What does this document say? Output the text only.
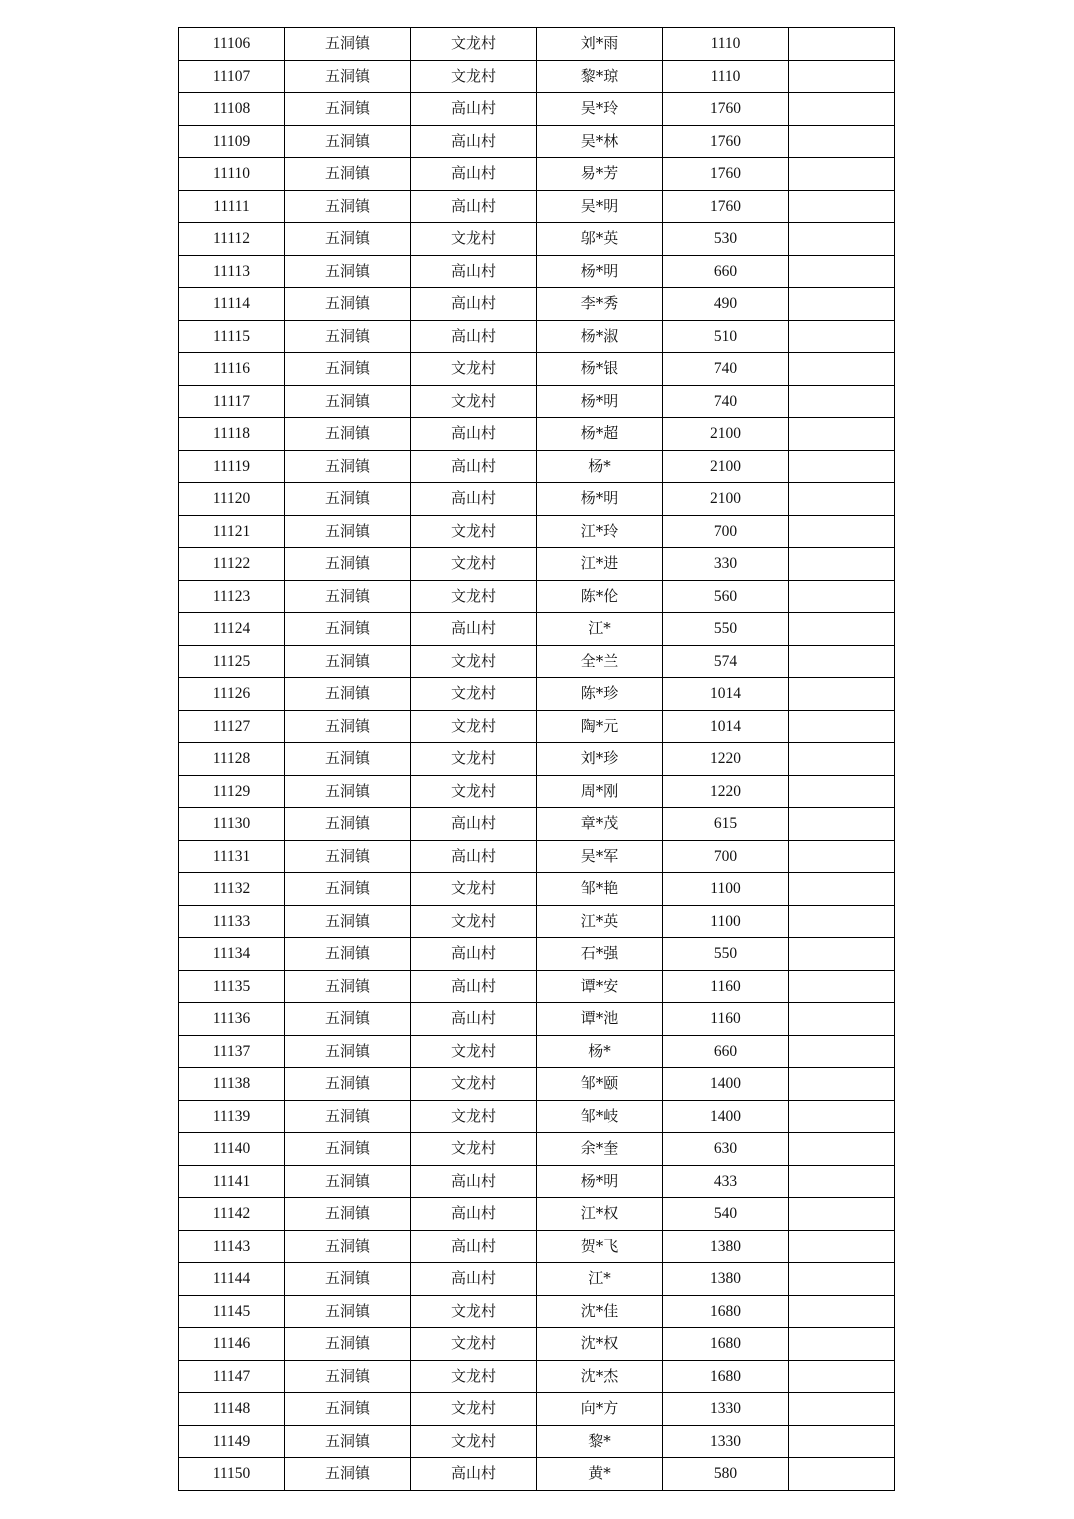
11106	五洞镇	文龙村	刘*雨	1110	
11107	五洞镇	文龙村	黎*琼	1110	
11108	五洞镇	高山村	吴*玲	1760	
11109	五洞镇	高山村	吴*林	1760	
11110	五洞镇	高山村	易*芳	1760	
11111	五洞镇	高山村	吴*明	1760	
11112	五洞镇	文龙村	邬*英	530	
11113	五洞镇	高山村	杨*明	660	
11114	五洞镇	高山村	李*秀	490	
11115	五洞镇	高山村	杨*淑	510	
11116	五洞镇	文龙村	杨*银	740	
11117	五洞镇	文龙村	杨*明	740	
11118	五洞镇	高山村	杨*超	2100	
11119	五洞镇	高山村	杨*	2100	
11120	五洞镇	高山村	杨*明	2100	
11121	五洞镇	文龙村	江*玲	700	
11122	五洞镇	文龙村	江*进	330	
11123	五洞镇	文龙村	陈*伦	560	
11124	五洞镇	高山村	江*	550	
11125	五洞镇	文龙村	全*兰	574	
11126	五洞镇	文龙村	陈*珍	1014	
11127	五洞镇	文龙村	陶*元	1014	
11128	五洞镇	文龙村	刘*珍	1220	
11129	五洞镇	文龙村	周*刚	1220	
11130	五洞镇	高山村	章*茂	615	
11131	五洞镇	高山村	吴*军	700	
11132	五洞镇	文龙村	邹*艳	1100	
11133	五洞镇	文龙村	江*英	1100	
11134	五洞镇	高山村	石*强	550	
11135	五洞镇	高山村	谭*安	1160	
11136	五洞镇	高山村	谭*池	1160	
11137	五洞镇	文龙村	杨*	660	
11138	五洞镇	文龙村	邹*颐	1400	
11139	五洞镇	文龙村	邹*岐	1400	
11140	五洞镇	文龙村	余*奎	630	
11141	五洞镇	高山村	杨*明	433	
11142	五洞镇	高山村	江*权	540	
11143	五洞镇	高山村	贺*飞	1380	
11144	五洞镇	高山村	江*	1380	
11145	五洞镇	文龙村	沈*佳	1680	
11146	五洞镇	文龙村	沈*权	1680	
11147	五洞镇	文龙村	沈*杰	1680	
11148	五洞镇	文龙村	向*方	1330	
11149	五洞镇	文龙村	黎*	1330	
11150	五洞镇	高山村	黄*	580	
